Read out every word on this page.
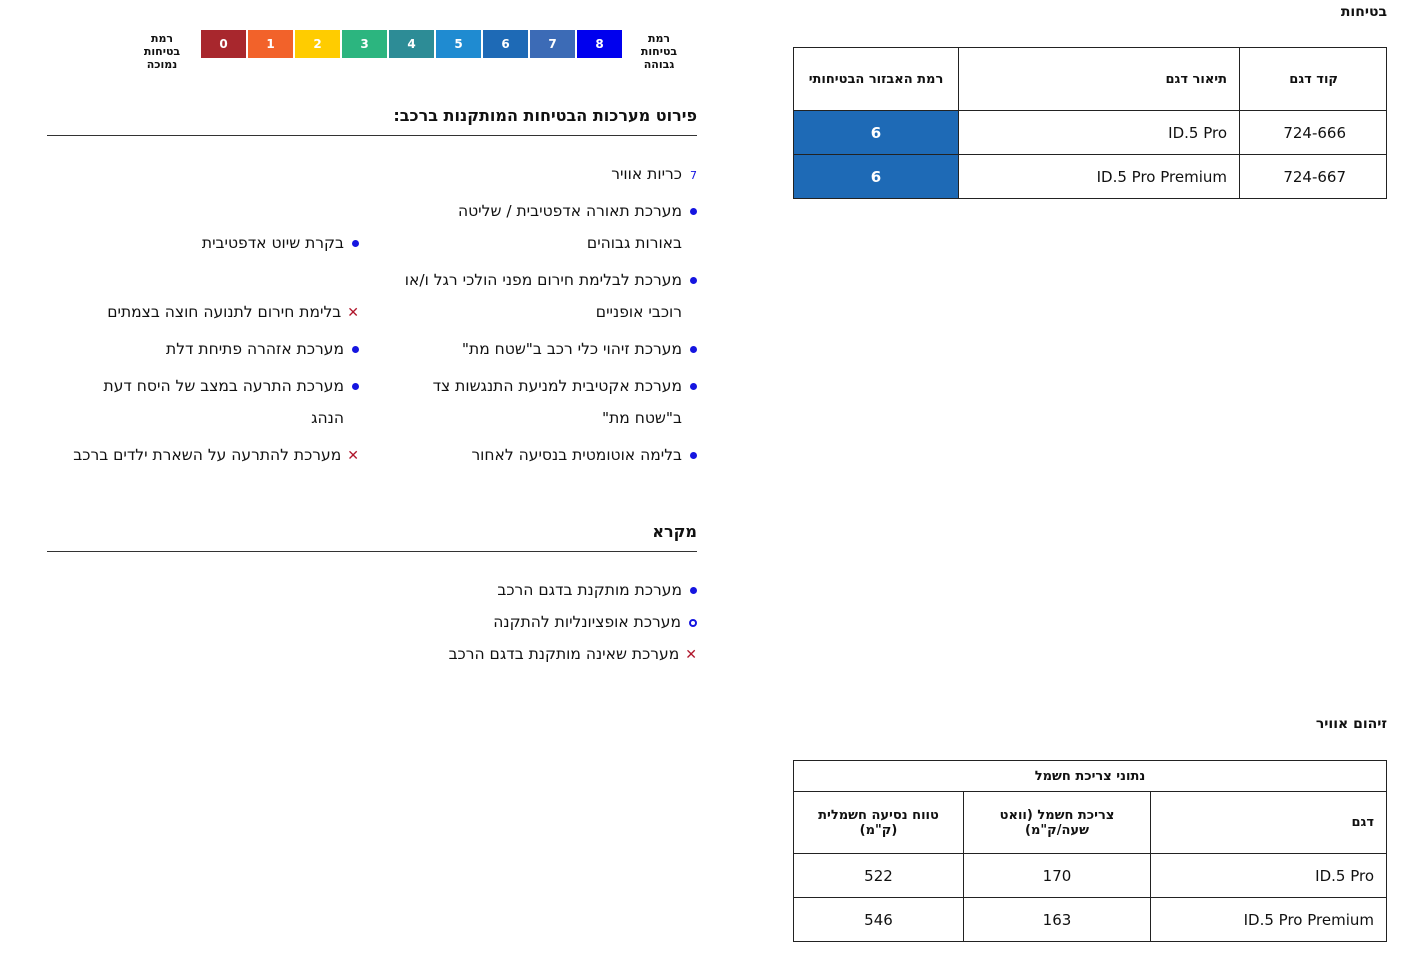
בטיחות
רמת האבזור הבטיחותי	תיאור דגם	קוד דגם
6	ID.5 Pro	724-666
6	ID.5 Pro Premium	724-667
רמת בטיחות גבוהה
רמת בטיחות נמוכה
8
7
6
5
4
3
2
1
0
פירוט מערכות הבטיחות המותקנות ברכב:
7כריות אוויר
מערכת תאורה אדפטיבית / שליטה
באורות גבוהים
מערכת לבלימת חירום מפני הולכי רגל ו/או
רוכבי אופניים
מערכת זיהוי כלי רכב ב"שטח מת"
מערכת אקטיבית למניעת התנגשות צד
ב"שטח מת"
בלימה אוטומטית בנסיעה לאחור
בקרת שיוט אדפטיבית
✕בלימת חירום לתנועה חוצה בצמתים
מערכת אזהרה פתיחת דלת
מערכת התרעה במצב של היסח דעת
הנהג
✕מערכת להתרעה על השארת ילדים ברכב
מקרא
מערכת מותקנת בדגם הרכב
מערכת אופציונליות להתקנה
✕מערכת שאינה מותקנת בדגם הרכב
זיהום אוויר
נתוני צריכת חשמל		
טווח נסיעה חשמלית (ק"מ)	צריכת חשמל (וואט שעה/ק"מ)	דגם
522	170	ID.5 Pro
546	163	ID.5 Pro Premium
